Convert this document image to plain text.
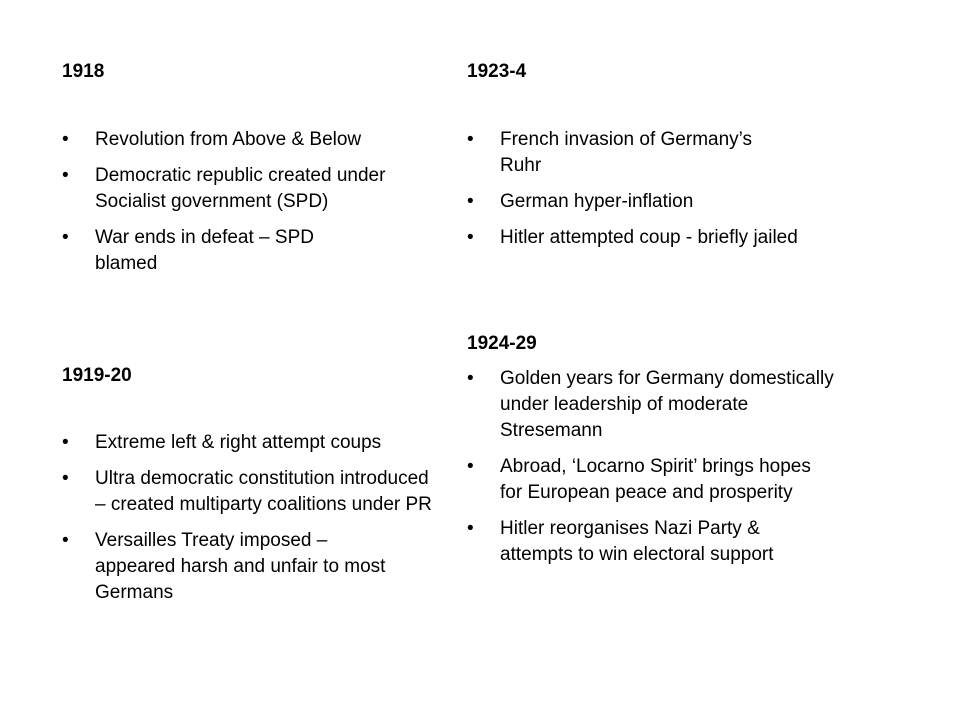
1918
• Revolution from Above & Below
• Democratic republic created under Socialist government (SPD)
• War ends in defeat – SPD blamed
1919-20
• Extreme left & right attempt coups
• Ultra democratic constitution introduced – created multiparty coalitions under PR
• Versailles Treaty imposed – appeared harsh and unfair to most Germans
1923-4
• French invasion of Germany’s Ruhr
• German hyper-inflation
• Hitler attempted coup - briefly jailed
1924-29
• Golden years for Germany domestically under leadership of moderate Stresemann
• Abroad, ‘Locarno Spirit’ brings hopes for European peace and prosperity
• Hitler reorganises Nazi Party & attempts to win electoral support
